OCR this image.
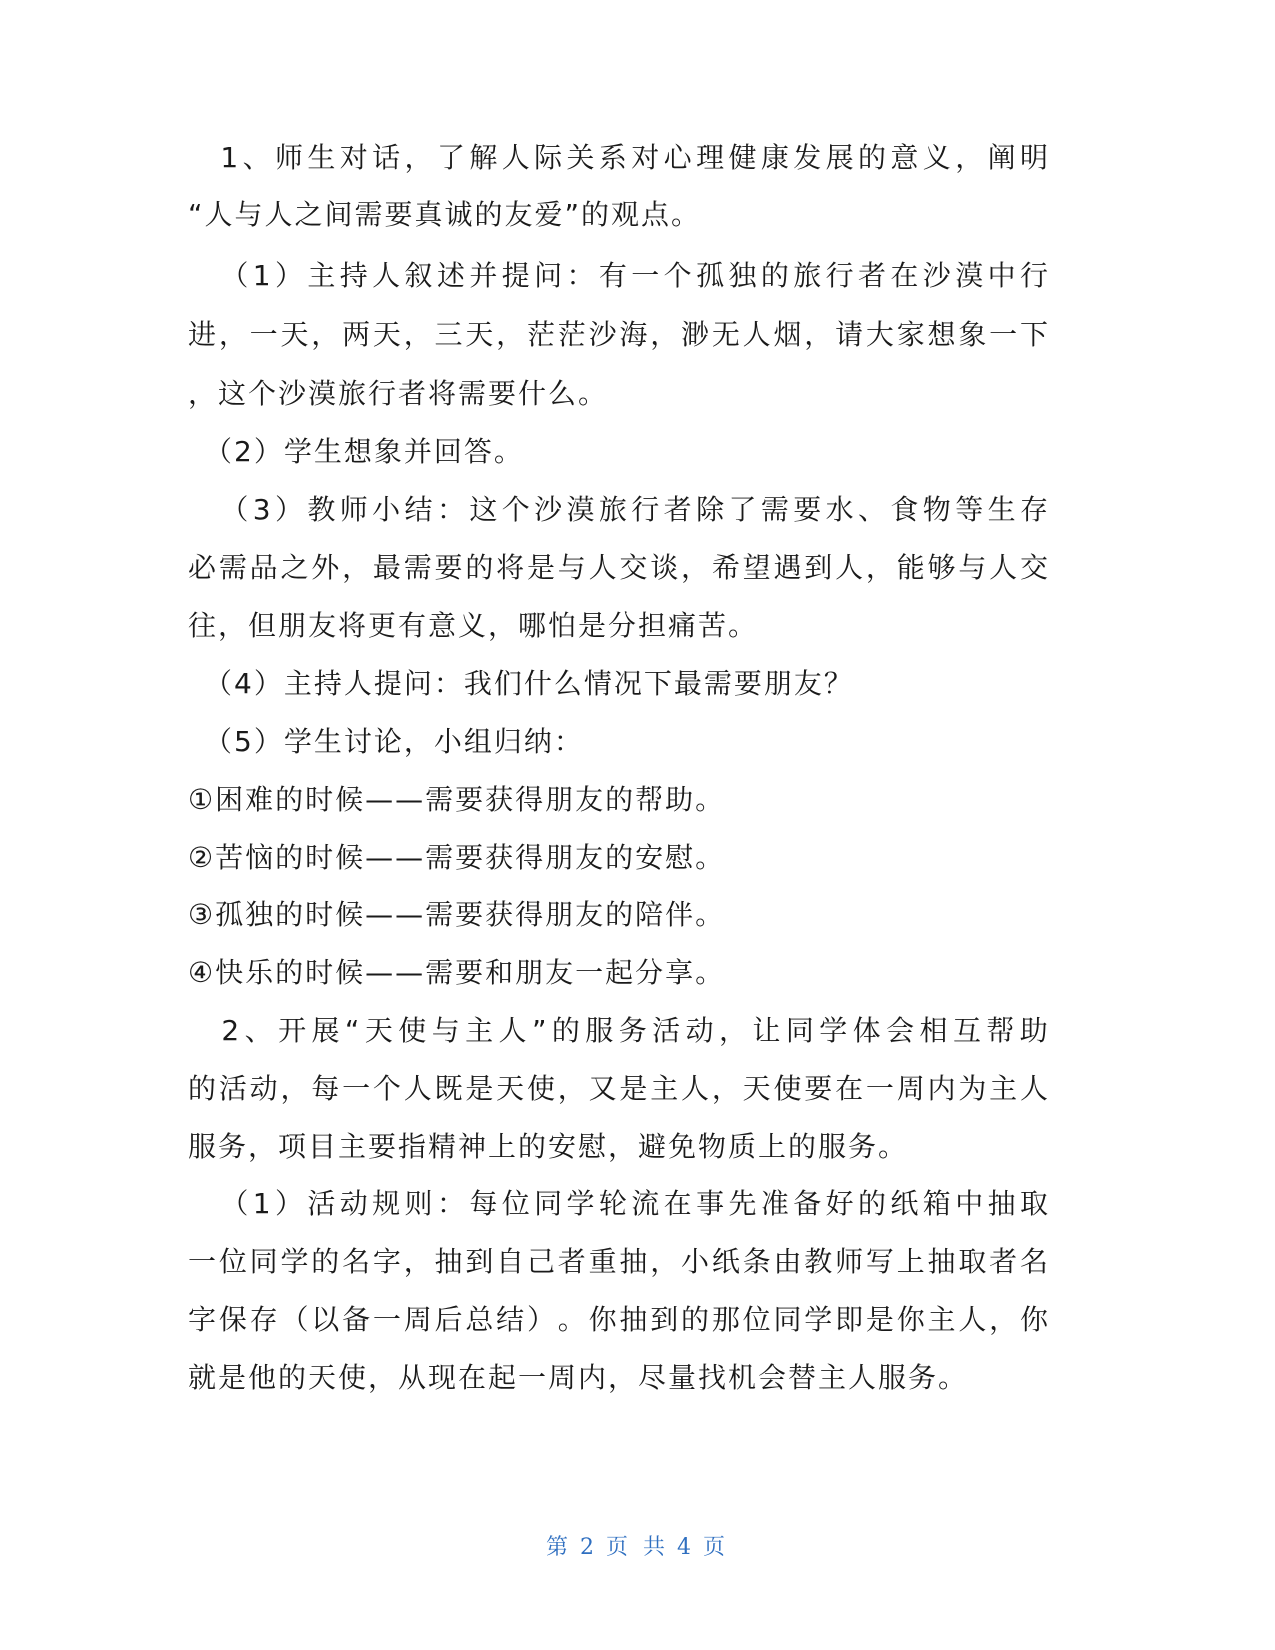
1 、 师 生 对 话 ， 了 解 人 际 关 系 对 心 理 健 康 发 展 的 意 义 ， 阐 明
“人与人之间需要真诚的友爱”的观点。

（ 1 ） 主 持 人 叙 述 并 提 问 ： 有 一 个 孤 独 的 旅 行 者 在 沙 漠 中 行
进 ， 一 天 ， 两 天 ， 三 天 ， 茫 茫 沙 海 ， 渺 无 人 烟 ， 请 大 家 想 象 一 下
，这个沙漠旅行者将需要什么。
　（2）学生想象并回答。

（ 3 ） 教 师 小 结 ： 这 个 沙 漠 旅 行 者 除 了 需 要 水 、 食 物 等 生 存
必 需 品 之 外 ， 最 需 要 的 将 是 与 人 交 谈 ， 希 望 遇 到 人 ， 能 够 与 人 交
往，但朋友将更有意义，哪怕是分担痛苦。
　（4）主持人提问：我们什么情况下最需要朋友？
　（5）学生讨论，小组归纳：
①困难的时候——需要获得朋友的帮助。
②苦恼的时候——需要获得朋友的安慰。
③孤独的时候——需要获得朋友的陪伴。
④快乐的时候——需要和朋友一起分享。

2 、 开 展 “ 天 使 与 主 人 ” 的 服 务 活 动 ， 让 同 学 体 会 相 互 帮 助
的 活 动 ， 每 一 个 人 既 是 天 使 ， 又 是 主 人 ， 天 使 要 在 一 周 内 为 主 人
服务，项目主要指精神上的安慰，避免物质上的服务。

（ 1 ） 活 动 规 则 ： 每 位 同 学 轮 流 在 事 先 准 备 好 的 纸 箱 中 抽 取
一 位 同 学 的 名 字 ， 抽 到 自 己 者 重 抽 ， 小 纸 条 由 教 师 写 上 抽 取 者 名
字 保 存 （ 以 备 一 周 后 总 结 ） 。 你 抽 到 的 那 位 同 学 即 是 你 主 人 ， 你
就是他的天使，从现在起一周内，尽量找机会替主人服务。
第 2 页 共 4 页
